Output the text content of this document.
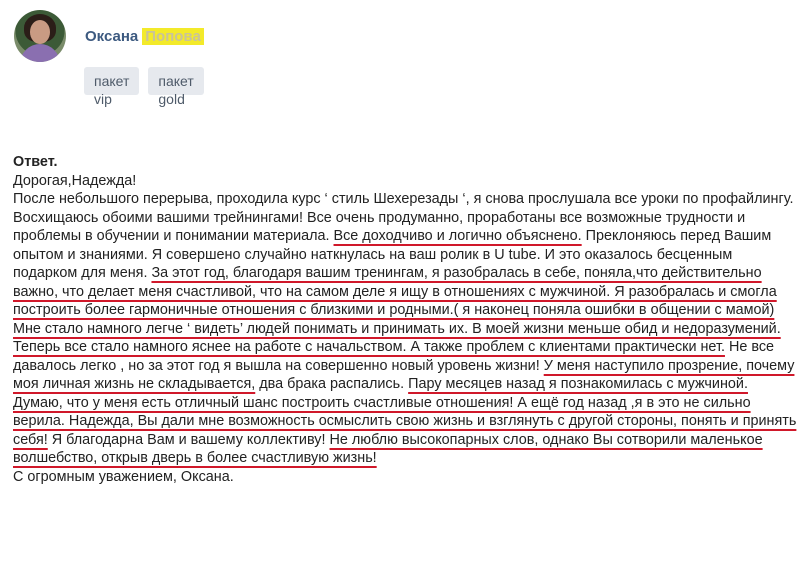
Оксана Попова
пакет vip
пакет gold

Ответ.

Дорогая,Надежда!

После небольшого перерыва, проходила курс ‘ стиль Шехерезады ‘, я снова прослушала все уроки по профайлингу. Восхищаюсь обоими вашими трейнингами! Все очень продуманно, проработаны все возможные трудности и проблемы в обучении и понимании материала. Все доходчиво и логично объяснено. Преклоняюсь перед Вашим опытом и знаниями. Я совершено случайно наткнулась на ваш ролик в U tube. И это оказалось бесценным подарком для меня. За этот год, благодаря вашим тренингам, я разобралась в себе, поняла,что действительно важно, что делает меня счастливой, что на самом деле я ищу в отношениях с мужчиной. Я разобралась и смогла построить более гармоничные отношения с близкими и родными.( я наконец поняла ошибки в общении с мамой) Мне стало намного легче ‘ видеть’ людей понимать и принимать их. В моей жизни меньше обид и недоразумений. Теперь все стало намного яснее на работе с начальством. А также проблем с клиентами практически нет. Не все давалось легко , но за этот год я вышла на совершенно новый уровень жизни! У меня наступило прозрение, почему моя личная жизнь не складывается, два брака распались. Пару месяцев назад я познакомилась с мужчиной. Думаю, что у меня есть отличный шанс построить счастливые отношения! А ещё год назад ,я в это не сильно верила. Надежда, Вы дали мне возможность осмыслить свою жизнь и взглянуть с другой стороны, понять и принять себя! Я благодарна Вам и вашему коллективу! Не люблю высокопарных слов, однако Вы сотворили маленькое волшебство, открыв дверь в более счастливую жизнь!

С огромным уважением, Оксана.
